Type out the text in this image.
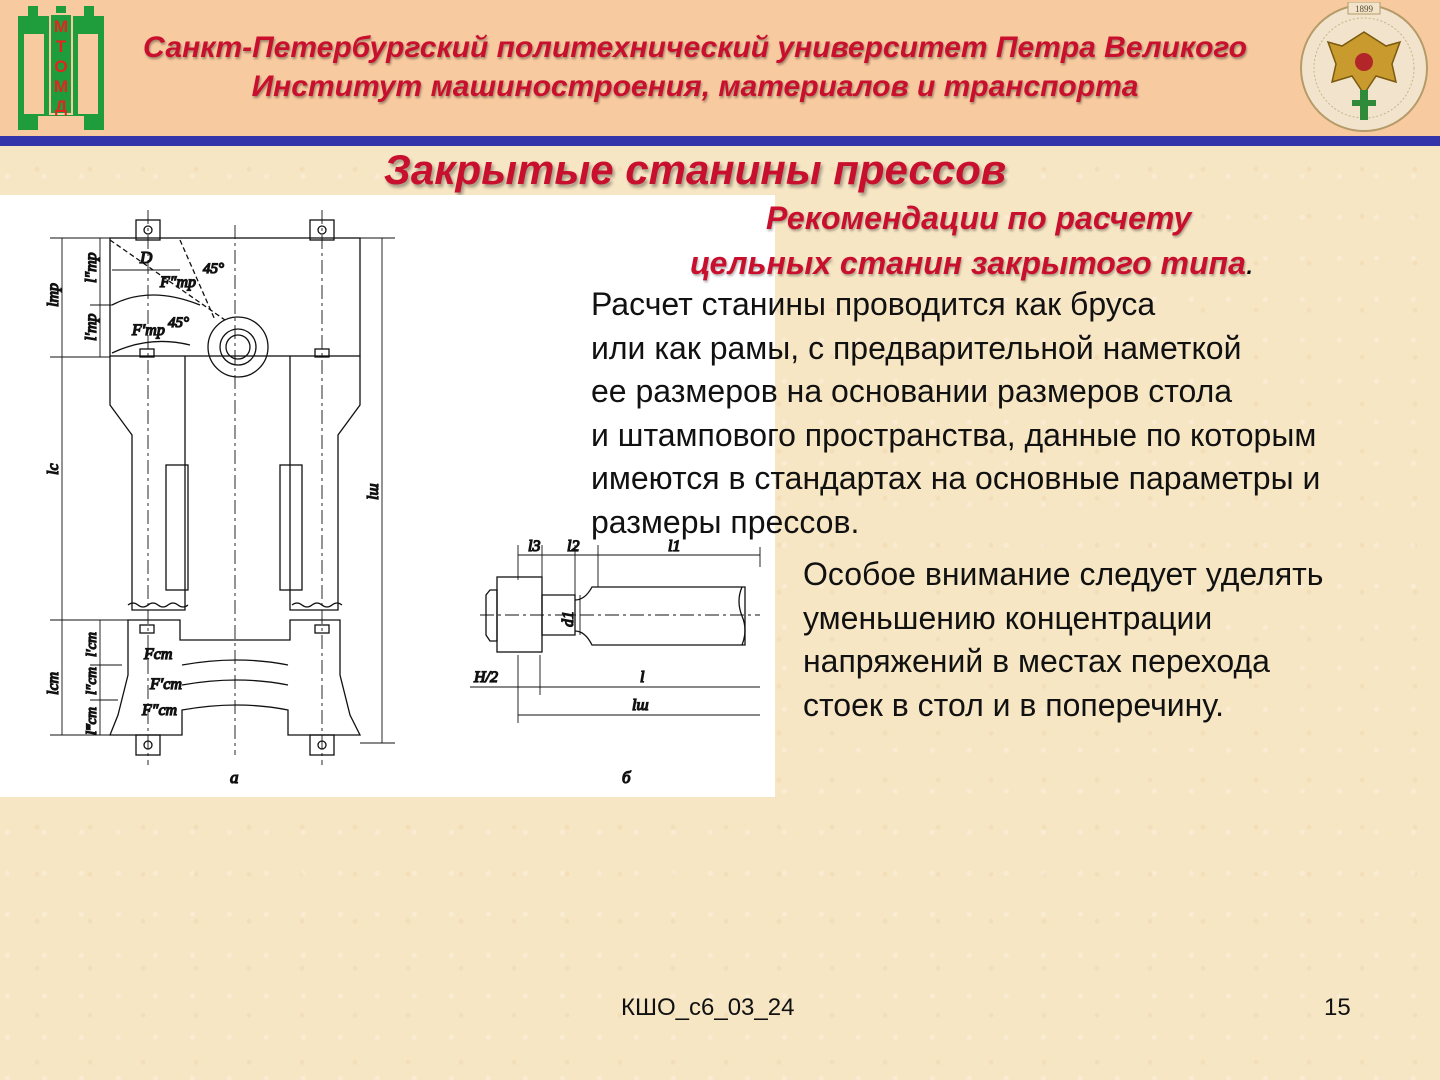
М
Т
О
М
Д
1899
Санкт-Петербургский политехнический университет Петра Великого
Институт машиностроения, материалов и транспорта
Закрытые станины прессов
D
45°
45°
F″тр
F′тр
lтр
l″тр
l′тр
lс
lш
lст
l′ст
l″ст
l‴ст
Fст
F′ст
F″ст
а
l3 l2	l1
d1
H/2	l
lш
б
Рекомендации по расчету
цельных станин закрытого типа.
Расчет станины проводится как бруса
или как рамы, с предварительной наметкой
ее размеров на основании размеров стола
и штампового пространства, данные по которым
имеются в стандартах на основные параметры и
размеры прессов.
Особое внимание следует уделять
уменьшению концентрации
напряжений в местах перехода
стоек в стол и в поперечину.
КШО_с6_03_24	15
